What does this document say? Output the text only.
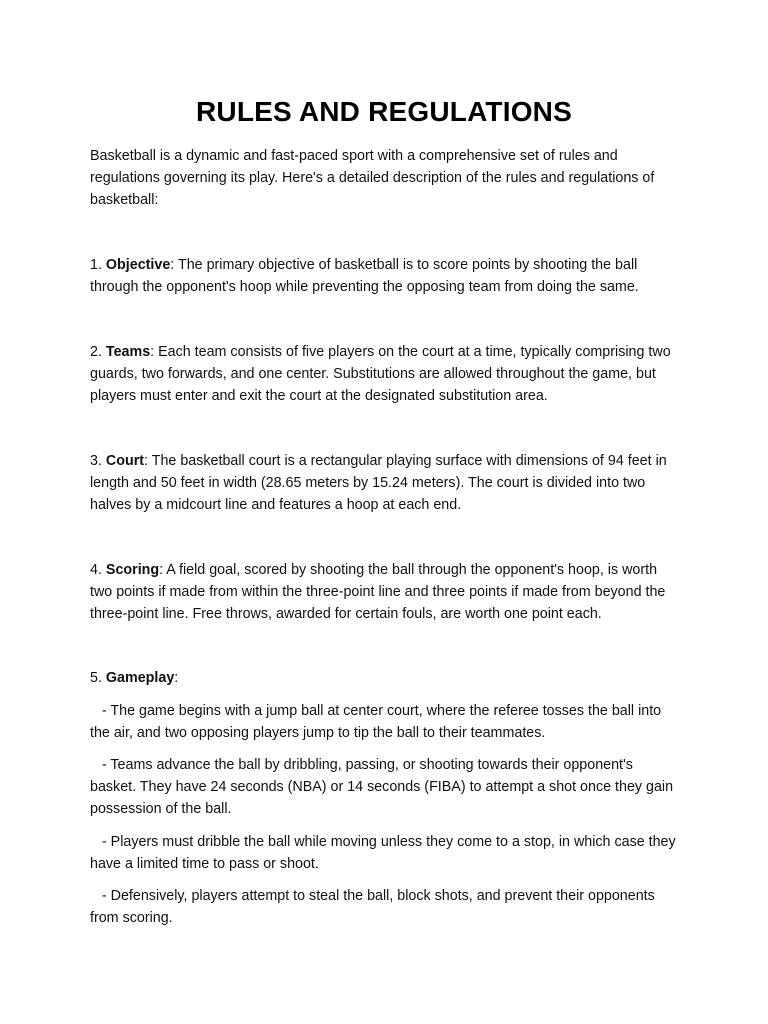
RULES AND REGULATIONS

Basketball is a dynamic and fast-paced sport with a comprehensive set of rules and regulations governing its play. Here's a detailed description of the rules and regulations of basketball:

1. Objective: The primary objective of basketball is to score points by shooting the ball through the opponent's hoop while preventing the opposing team from doing the same.

2. Teams: Each team consists of five players on the court at a time, typically comprising two guards, two forwards, and one center. Substitutions are allowed throughout the game, but players must enter and exit the court at the designated substitution area.

3. Court: The basketball court is a rectangular playing surface with dimensions of 94 feet in length and 50 feet in width (28.65 meters by 15.24 meters). The court is divided into two halves by a midcourt line and features a hoop at each end.

4. Scoring: A field goal, scored by shooting the ball through the opponent's hoop, is worth two points if made from within the three-point line and three points if made from beyond the three-point line. Free throws, awarded for certain fouls, are worth one point each.

5. Gameplay:

- The game begins with a jump ball at center court, where the referee tosses the ball into the air, and two opposing players jump to tip the ball to their teammates.

- Teams advance the ball by dribbling, passing, or shooting towards their opponent's basket. They have 24 seconds (NBA) or 14 seconds (FIBA) to attempt a shot once they gain possession of the ball.

- Players must dribble the ball while moving unless they come to a stop, in which case they have a limited time to pass or shoot.

- Defensively, players attempt to steal the ball, block shots, and prevent their opponents from scoring.
